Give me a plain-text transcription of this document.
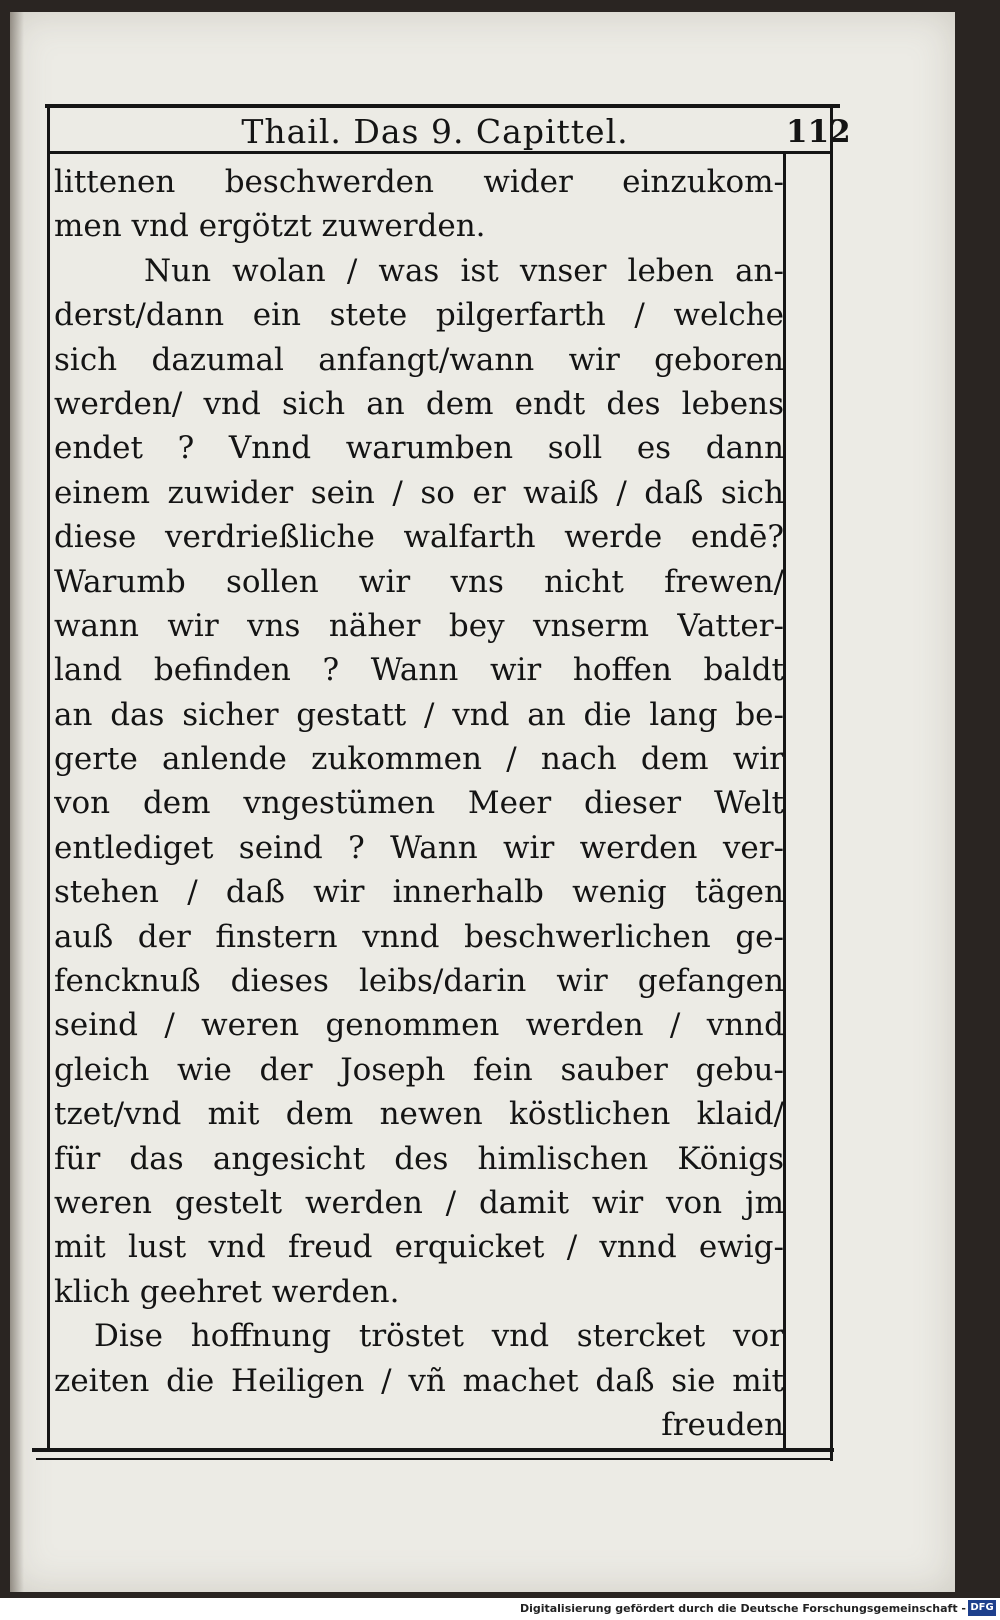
Thail. Das 9. Capittel.	112
littenen beschwerden wider einzukom-
men vnd ergötzt zuwerden.
Nun wolan / was ist vnser leben an-
derst/dann ein stete pilgerfarth / welche
sich dazumal anfangt/wann wir geboren
werden/ vnd sich an dem endt des lebens
endet ? Vnnd warumben soll es dann
einem zuwider sein / so er waiß / daß sich
diese verdrießliche walfarth werde endē?
Warumb sollen wir vns nicht frewen/
wann wir vns näher bey vnserm Vatter-
land befinden ? Wann wir hoffen baldt
an das sicher gestatt / vnd an die lang be-
gerte anlende zukommen / nach dem wir
von dem vngestümen Meer dieser Welt
entlediget seind ? Wann wir werden ver-
stehen / daß wir innerhalb wenig tägen
auß der finstern vnnd beschwerlichen ge-
fencknuß dieses leibs/darin wir gefangen
seind / weren genommen werden / vnnd
gleich wie der Joseph fein sauber gebu-
tzet/vnd mit dem newen köstlichen klaid/
für das angesicht des himlischen Königs
weren gestelt werden / damit wir von jm
mit lust vnd freud erquicket / vnnd ewig-
klich geehret werden.
Dise hoffnung tröstet vnd stercket vor
zeiten die Heiligen / vñ machet daß sie mit
freuden
Digitalisierung gefördert durch die Deutsche Forschungsgemeinschaft - DFG
